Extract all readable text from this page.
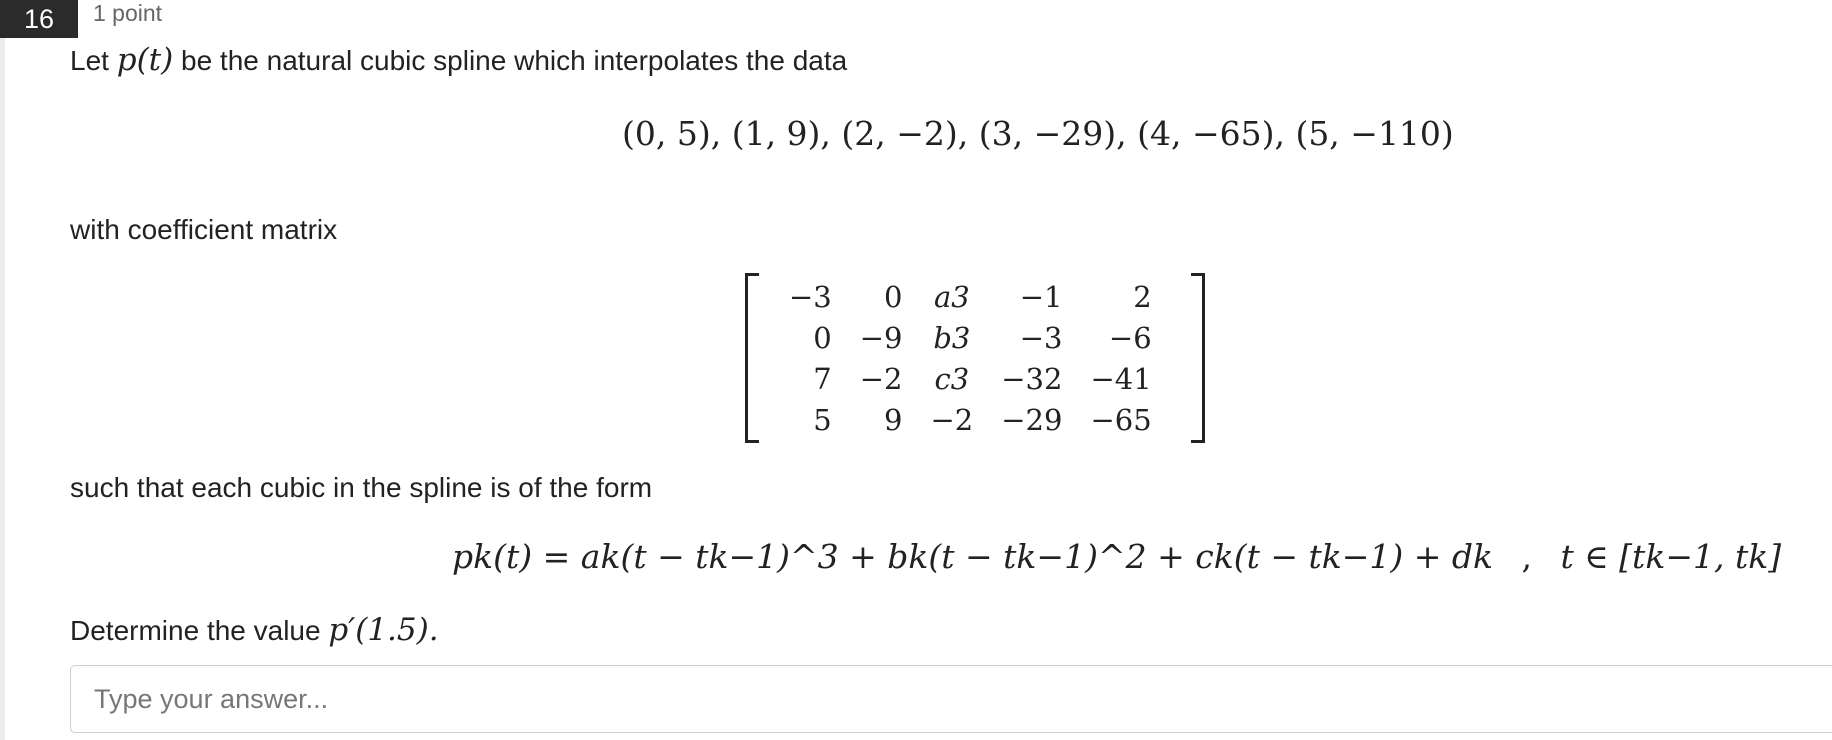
16 1 point
Let p(t) be the natural cubic spline which interpolates the data
(0, 5), (1, 9), (2, −2), (3, −29), (4, −65), (5, −110)
with coefficient matrix
−3	0	a3	−1	2
0	−9	b3	−3	−6
7	−2	c3	−32	−41
5	9	−2	−29	−65
such that each cubic in the spline is of the form
pk(t) = ak(t − tk−1)^3 + bk(t − tk−1)^2 + ck(t − tk−1) + dk , t ∈ [tk−1, tk]
Determine the value p′(1.5).
Type your answer...
